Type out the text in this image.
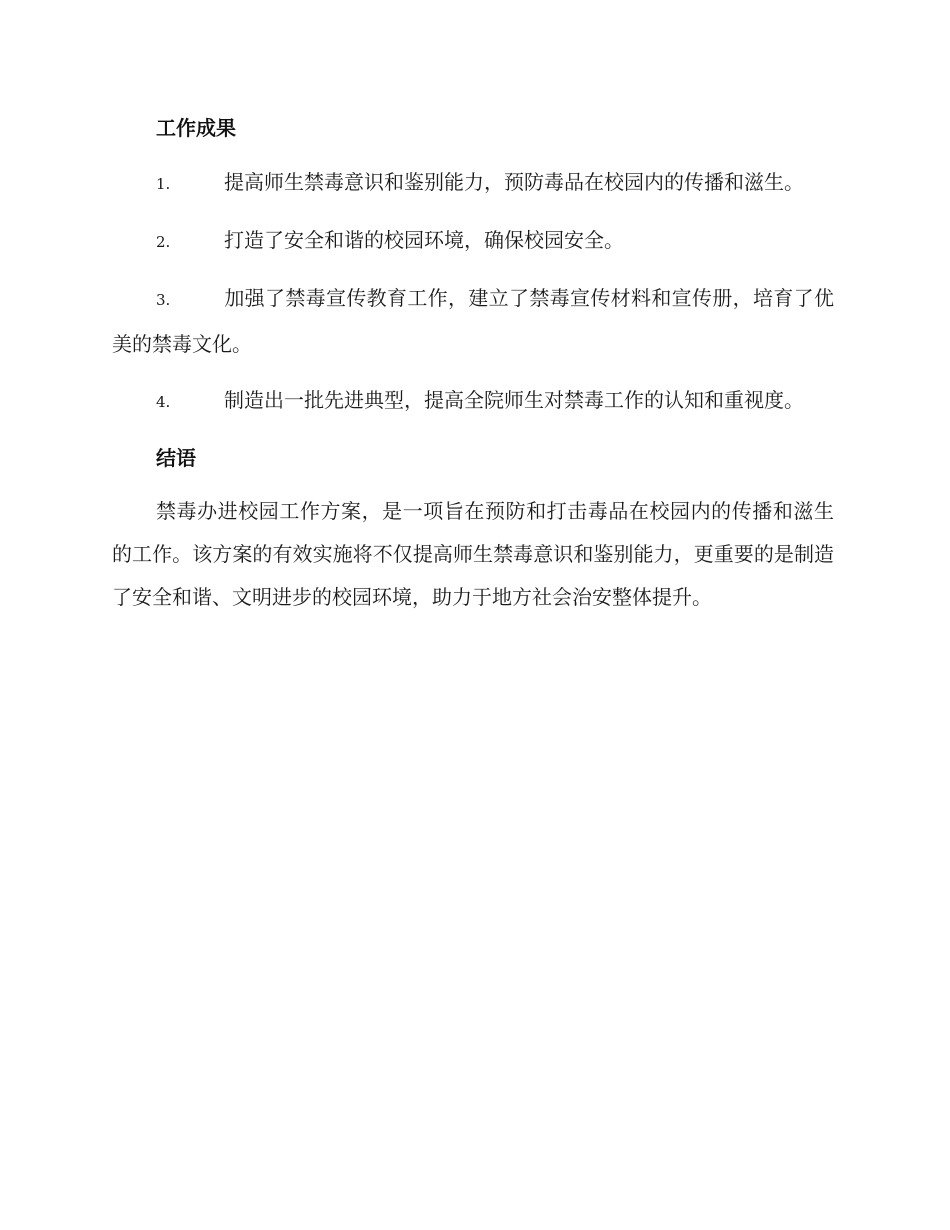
工作成果

1.	提高师生禁毒意识和鉴别能力，预防毒品在校园内的传播和滋生。

2.	打造了安全和谐的校园环境，确保校园安全。

3.	加强了禁毒宣传教育工作，建立了禁毒宣传材料和宣传册，培育了优美的禁毒文化。

4.	制造出一批先进典型，提高全院师生对禁毒工作的认知和重视度。

结语

禁毒办进校园工作方案，是一项旨在预防和打击毒品在校园内的传播和滋生的工作。该方案的有效实施将不仅提高师生禁毒意识和鉴别能力，更重要的是制造了安全和谐、文明进步的校园环境，助力于地方社会治安整体提升。
